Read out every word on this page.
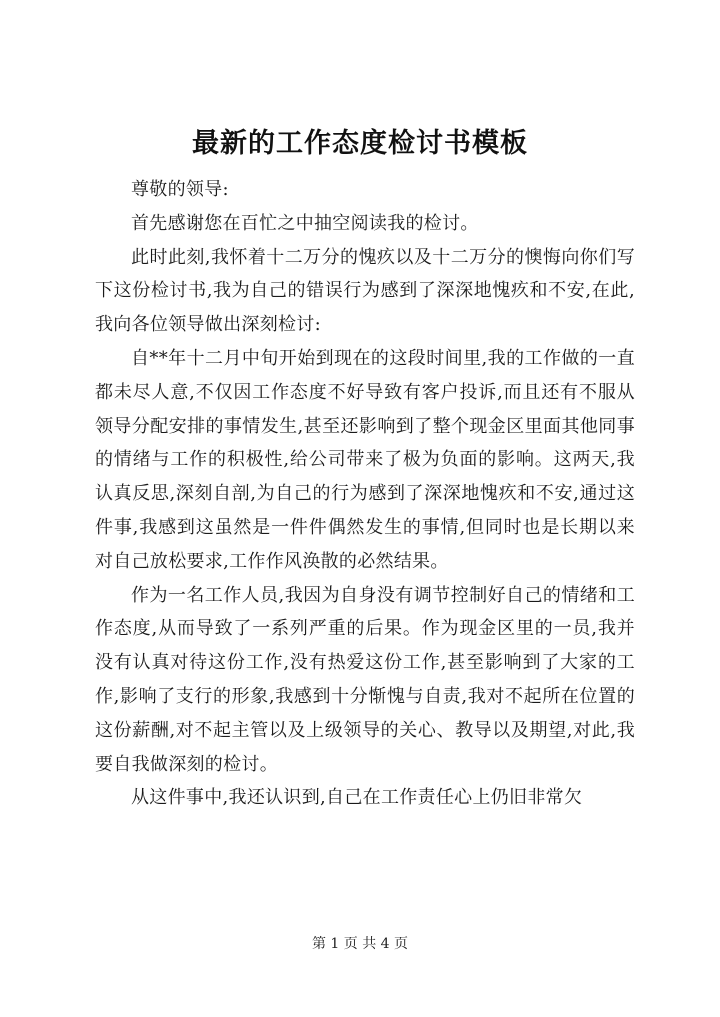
最新的工作态度检讨书模板

尊敬的领导:

首先感谢您在百忙之中抽空阅读我的检讨。

此时此刻,我怀着十二万分的愧疚以及十二万分的懊悔向你们写下这份检讨书,我为自己的错误行为感到了深深地愧疚和不安,在此,我向各位领导做出深刻检讨:

自**年十二月中旬开始到现在的这段时间里,我的工作做的一直都未尽人意,不仅因工作态度不好导致有客户投诉,而且还有不服从领导分配安排的事情发生,甚至还影响到了整个现金区里面其他同事的情绪与工作的积极性,给公司带来了极为负面的影响。这两天,我认真反思,深刻自剖,为自己的行为感到了深深地愧疚和不安,通过这件事,我感到这虽然是一件件偶然发生的事情,但同时也是长期以来对自己放松要求,工作作风涣散的必然结果。

作为一名工作人员,我因为自身没有调节控制好自己的情绪和工作态度,从而导致了一系列严重的后果。作为现金区里的一员,我并没有认真对待这份工作,没有热爱这份工作,甚至影响到了大家的工作,影响了支行的形象,我感到十分惭愧与自责,我对不起所在位置的这份薪酬,对不起主管以及上级领导的关心、教导以及期望,对此,我要自我做深刻的检讨。

从这件事中,我还认识到,自己在工作责任心上仍旧非常欠

第 1 页 共 4 页
